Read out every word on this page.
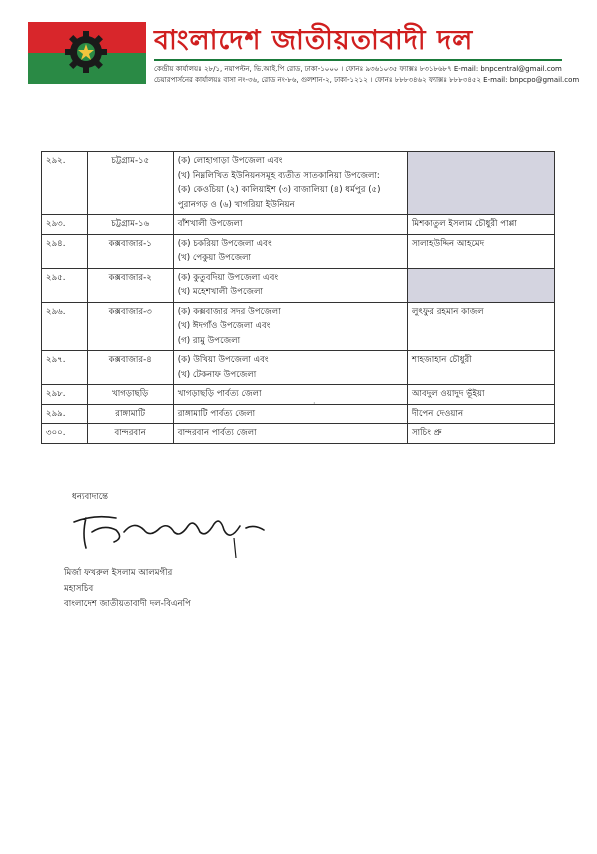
বাংলাদেশ জাতীয়তাবাদী দল
কেন্দ্রীয় কার্যালয়ঃ ২৮/১, নয়াপল্টন, ভি.আই.পি রোড, ঢাকা-১০০০ । ফোনঃ ৯৩৬১০৩৫ ফ্যাক্সঃ ৮৩১৮৬৮৭ E-mail: bnpcentral@gmail.com
চেয়ারপার্সনের কার্যালয়ঃ বাসা নং-৩৬, রোড নং-৮৬, গুলশান-২, ঢাকা-১২১২ । ফোনঃ ৮৮৮৩৪৬২ ফ্যাক্সঃ ৮৮৮৩৪৫২ E-mail: bnpcpo@gmail.com
২৯২.	চট্টগ্রাম-১৫	(ক) লোহাগাড়া উপজেলা এবং
(খ) নিম্নলিখিত ইউনিয়নসমূহ ব্যতীত সাতকানিয়া উপজেলা:
(ক) কেওচিয়া (২) কালিয়াইশ (৩) বাজালিয়া (৪) ধর্মপুর (৫)
পুরানগড় ও (৬) খাগরিয়া ইউনিয়ন	

২৯৩.	চট্টগ্রাম-১৬	বাঁশখালী উপজেলা	মিশকাতুল ইসলাম চৌধুরী পাপ্পা
২৯৪.	কক্সবাজার-১	(ক) চকরিয়া উপজেলা এবং
(খ) পেকুয়া উপজেলা	সালাহউদ্দিন আহমেদ
২৯৫.	কক্সবাজার-২	(ক) কুতুবদিয়া উপজেলা এবং
(খ) মহেশখালী উপজেলা	

২৯৬.	কক্সবাজার-৩	(ক) কক্সবাজার সদর উপজেলা
(খ) ঈদগাঁও উপজেলা এবং
(গ) রামু উপজেলা	লুৎফুর রহমান কাজল
২৯৭.	কক্সবাজার-৪	(ক) উখিয়া উপজেলা এবং
(খ) টেকনাফ উপজেলা	শাহজাহান চৌধুরী
২৯৮.	খাগড়াছড়ি	খাগড়াছড়ি পার্বত্য জেলা	আবদুল ওয়াদুদ ভূঁইয়া
২৯৯.	রাঙ্গামাটি	রাঙ্গামাটি পার্বত্য জেলা	দীপেন দেওয়ান
৩০০.	বান্দরবান	বান্দরবান পার্বত্য জেলা	সাচিং প্রু
·
ধন্যবাদান্তে
মির্জা ফখরুল ইসলাম আলমগীর
মহাসচিব
বাংলাদেশ জাতীয়তাবাদী দল-বিএনপি
